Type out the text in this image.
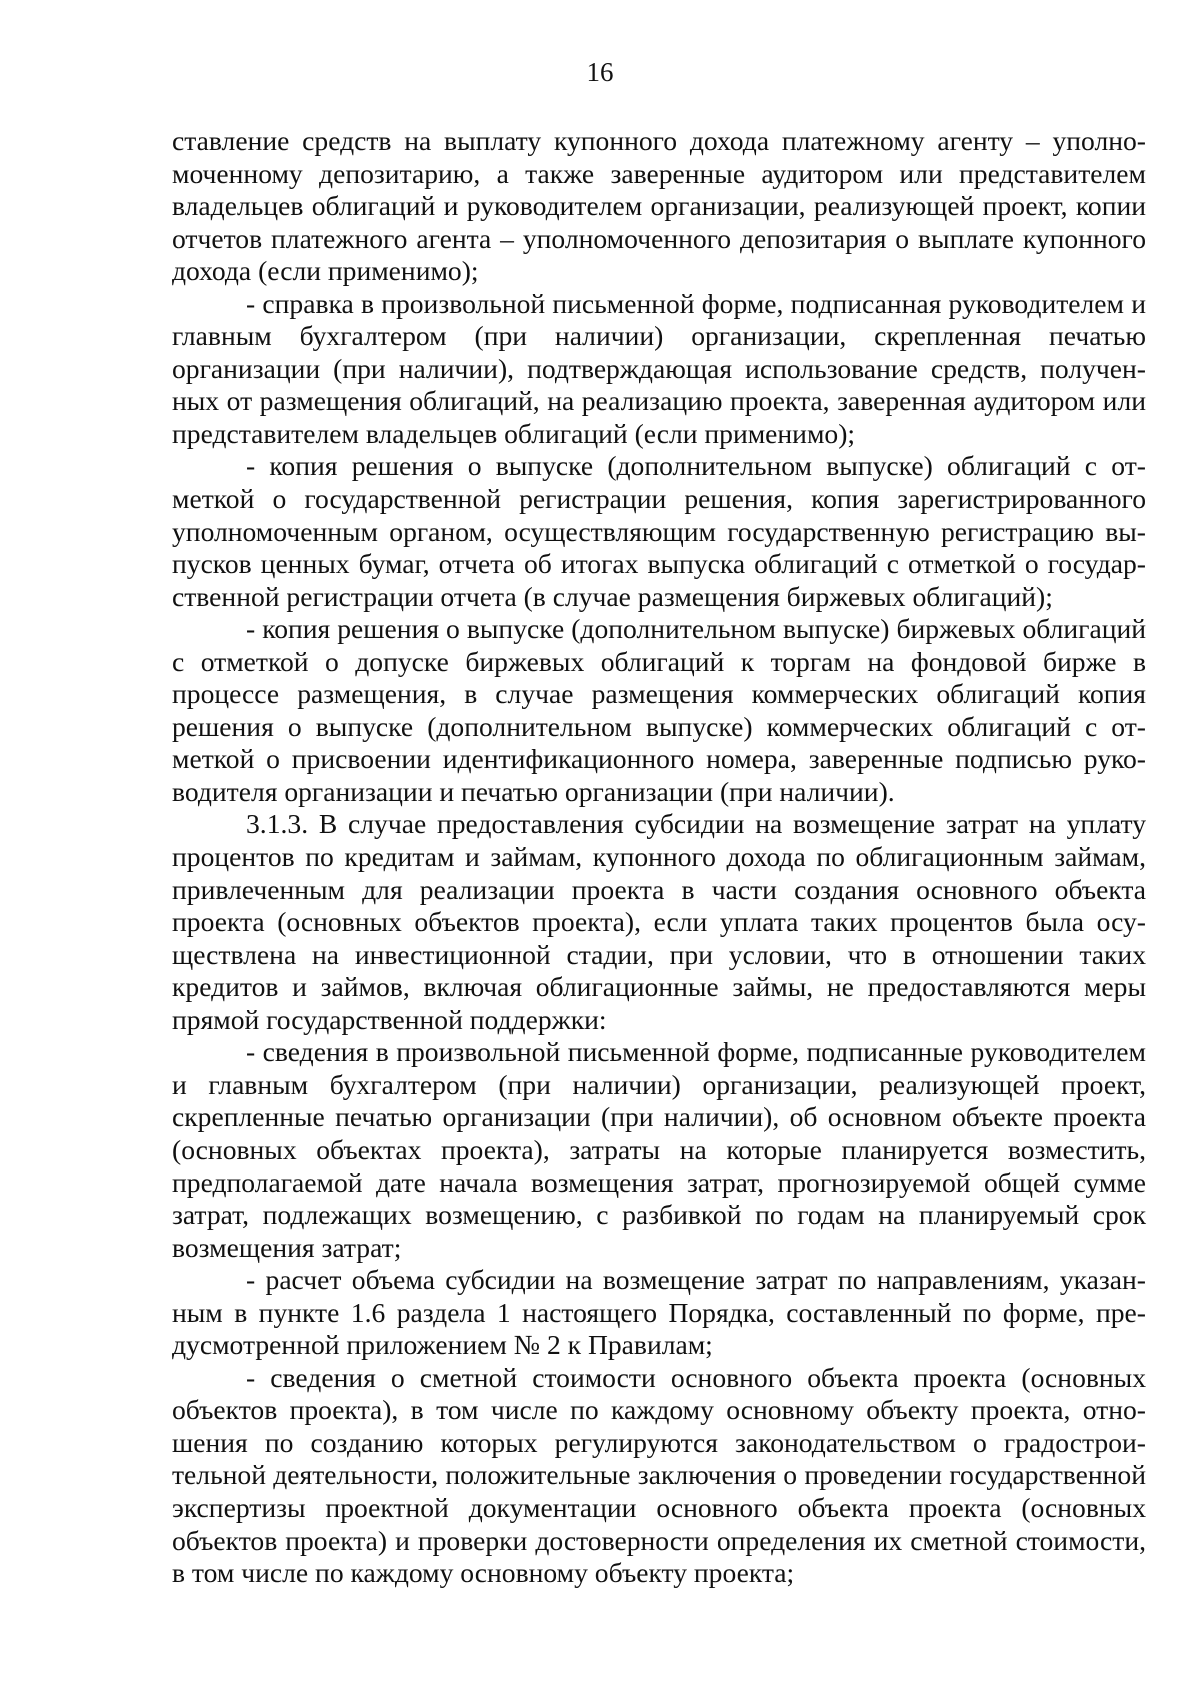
16

ставление средств на выплату купонного дохода платежному агенту – уполномоченному депозитарию, а также заверенные аудитором или представителем владельцев облигаций и руководителем организации, реализующей проект, копии отчетов платежного агента – уполномоченного депозитария о выплате купонного дохода (если применимо);

- справка в произвольной письменной форме, подписанная руководителем и главным бухгалтером (при наличии) организации, скрепленная печатью организации (при наличии), подтверждающая использование средств, полученных от размещения облигаций, на реализацию проекта, заверенная аудитором или представителем владельцев облигаций (если применимо);

- копия решения о выпуске (дополнительном выпуске) облигаций с отметкой о государственной регистрации решения, копия зарегистрированного уполномоченным органом, осуществляющим государственную регистрацию выпусков ценных бумаг, отчета об итогах выпуска облигаций с отметкой о государственной регистрации отчета (в случае размещения биржевых облигаций);

- копия решения о выпуске (дополнительном выпуске) биржевых облигаций с отметкой о допуске биржевых облигаций к торгам на фондовой бирже в процессе размещения, в случае размещения коммерческих облигаций копия решения о выпуске (дополнительном выпуске) коммерческих облигаций с отметкой о присвоении идентификационного номера, заверенные подписью руководителя организации и печатью организации (при наличии).

3.1.3. В случае предоставления субсидии на возмещение затрат на уплату процентов по кредитам и займам, купонного дохода по облигационным займам, привлеченным для реализации проекта в части создания основного объекта проекта (основных объектов проекта), если уплата таких процентов была осуществлена на инвестиционной стадии, при условии, что в отношении таких кредитов и займов, включая облигационные займы, не предоставляются меры прямой государственной поддержки:

- сведения в произвольной письменной форме, подписанные руководителем и главным бухгалтером (при наличии) организации, реализующей проект, скрепленные печатью организации (при наличии), об основном объекте проекта (основных объектах проекта), затраты на которые планируется возместить, предполагаемой дате начала возмещения затрат, прогнозируемой общей сумме затрат, подлежащих возмещению, с разбивкой по годам на планируемый срок возмещения затрат;

- расчет объема субсидии на возмещение затрат по направлениям, указанным в пункте 1.6 раздела 1 настоящего Порядка, составленный по форме, предусмотренной приложением № 2 к Правилам;

- сведения о сметной стоимости основного объекта проекта (основных объектов проекта), в том числе по каждому основному объекту проекта, отношения по созданию которых регулируются законодательством о градостроительной деятельности, положительные заключения о проведении государственной экспертизы проектной документации основного объекта проекта (основных объектов проекта) и проверки достоверности определения их сметной стоимости, в том числе по каждому основному объекту проекта;
